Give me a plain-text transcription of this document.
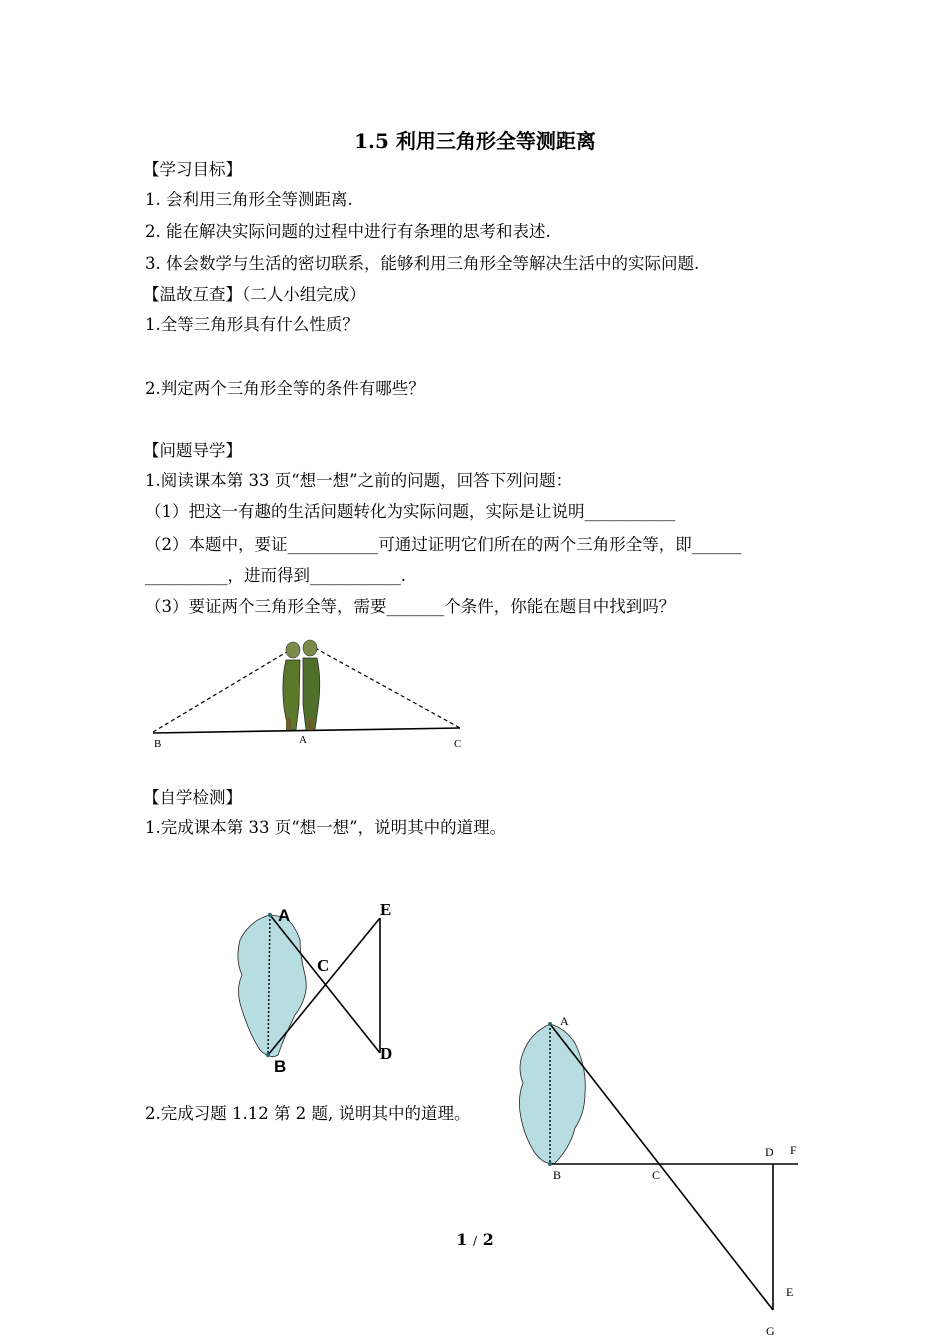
1.5 利用三角形全等测距离
【学习目标】
1. 会利用三角形全等测距离.
2. 能在解决实际问题的过程中进行有条理的思考和表述.
3. 体会数学与生活的密切联系，能够利用三角形全等解决生活中的实际问题.
【温故互查】（二人小组完成）
1.全等三角形具有什么性质？
2.判定两个三角形全等的条件有哪些？
【问题导学】
1.阅读课本第 33 页“想一想”之前的问题，回答下列问题：
（1）把这一有趣的生活问题转化为实际问题，实际是让说明___________
（2）本题中，要证___________可通过证明它们所在的两个三角形全等，即______
__________，进而得到___________.
（3）要证两个三角形全等，需要_______个条件，你能在题目中找到吗？
B	A	C
【自学检测】
1.完成课本第 33 页“想一想”，说明其中的道理。
A
B
C
D
E
2.完成习题 1.12 第 2 题, 说明其中的道理。
A
B	C
D F
E
G
1 / 2
